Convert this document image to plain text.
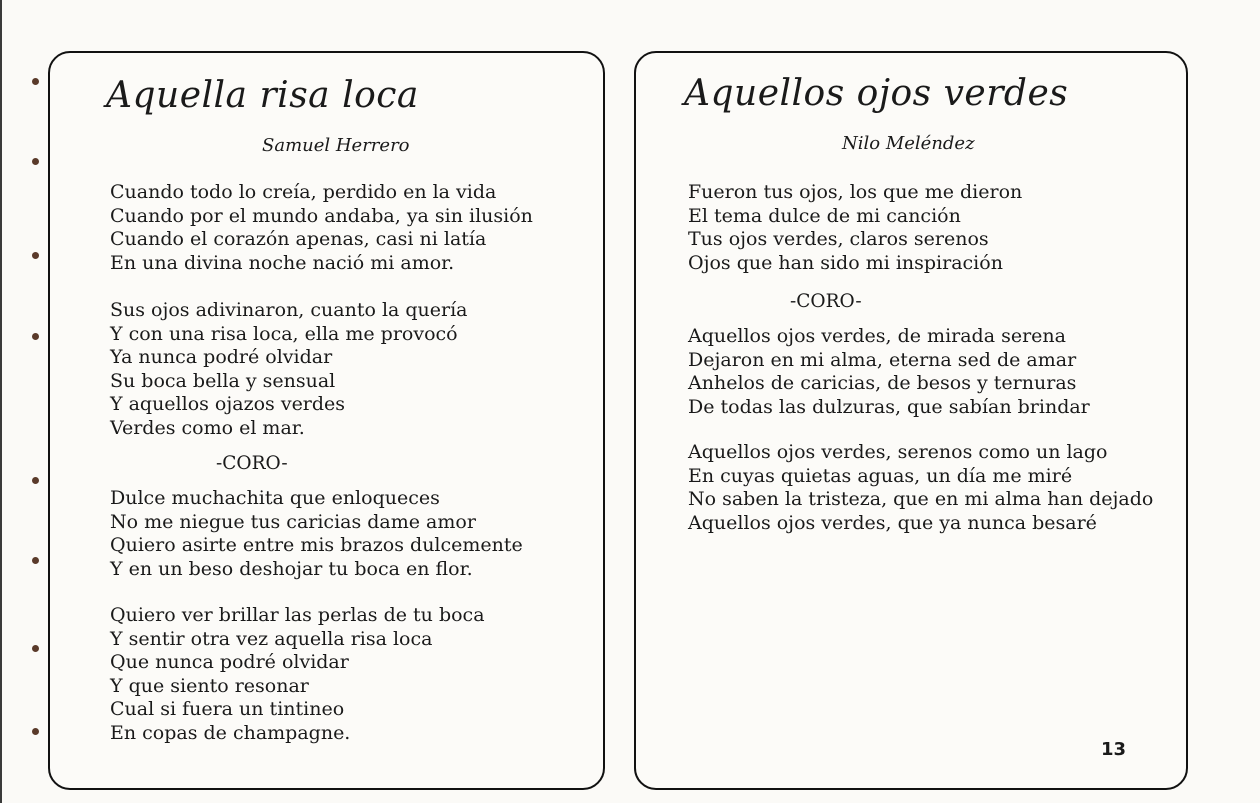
Aquella risa loca
Samuel Herrero
Cuando todo lo creía, perdido en la vida
Cuando por el mundo andaba, ya sin ilusión
Cuando el corazón apenas, casi ni latía
En una divina noche nació mi amor.
Sus ojos adivinaron, cuanto la quería
Y con una risa loca, ella me provocó
Ya nunca podré olvidar
Su boca bella y sensual
Y aquellos ojazos verdes
Verdes como el mar.
-CORO-
Dulce muchachita que enloqueces
No me niegue tus caricias dame amor
Quiero asirte entre mis brazos dulcemente
Y en un beso deshojar tu boca en flor.
Quiero ver brillar las perlas de tu boca
Y sentir otra vez aquella risa loca
Que nunca podré olvidar
Y que siento resonar
Cual si fuera un tintineo
En copas de champagne.
Aquellos ojos verdes
Nilo Meléndez
Fueron tus ojos, los que me dieron
El tema dulce de mi canción
Tus ojos verdes, claros serenos
Ojos que han sido mi inspiración
-CORO-
Aquellos ojos verdes, de mirada serena
Dejaron en mi alma, eterna sed de amar
Anhelos de caricias, de besos y ternuras
De todas las dulzuras, que sabían brindar
Aquellos ojos verdes, serenos como un lago
En cuyas quietas aguas, un día me miré
No saben la tristeza, que en mi alma han dejado
Aquellos ojos verdes, que ya nunca besaré
13
